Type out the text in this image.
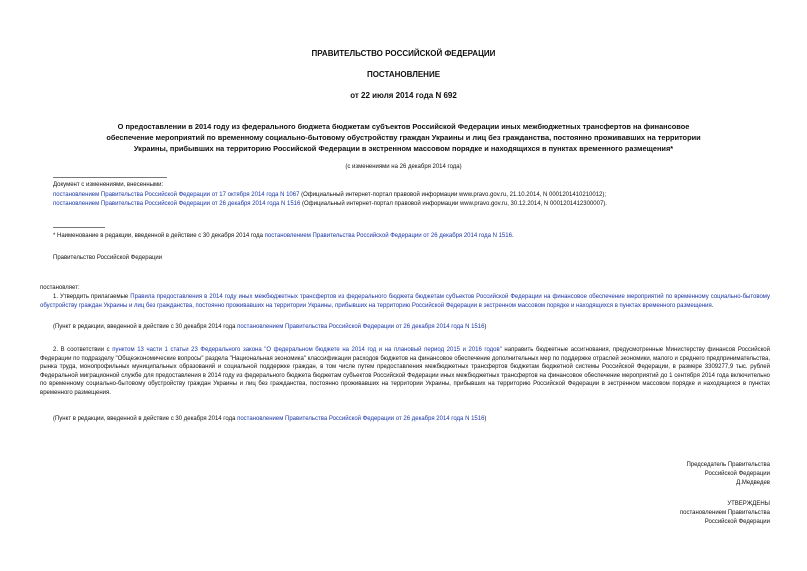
ПРАВИТЕЛЬСТВО РОССИЙСКОЙ ФЕДЕРАЦИИ
ПОСТАНОВЛЕНИЕ
от 22 июля 2014 года N 692
О предоставлении в 2014 году из федерального бюджета бюджетам субъектов Российской Федерации иных межбюджетных трансфертов на финансовое
обеспечение мероприятий по временному социально-бытовому обустройству граждан Украины и лиц без гражданства, постоянно проживавших на территории
Украины, прибывших на территорию Российской Федерации в экстренном массовом порядке и находящихся в пунктах временного размещения*
(с изменениями на 26 декабря 2014 года)
Документ с изменениями, внесенными:
постановлением Правительства Российской Федерации от 17 октября 2014 года N 1067 (Официальный интернет-портал правовой информации www.pravo.gov.ru, 21.10.2014, N 0001201410210012);
постановлением Правительства Российской Федерации от 26 декабря 2014 года N 1516 (Официальный интернет-портал правовой информации www.pravo.gov.ru, 30.12.2014, N 0001201412300007).
* Наименование в редакции, введенной в действие с 30 декабря 2014 года постановлением Правительства Российской Федерации от 26 декабря 2014 года N 1516.
Правительство Российской Федерации
постановляет:
1. Утвердить прилагаемые Правила предоставления в 2014 году иных межбюджетных трансфертов из федерального бюджета бюджетам субъектов Российской Федерации на финансовое обеспечение мероприятий по временному социально-бытовому обустройству граждан Украины и лиц без гражданства, постоянно проживавших на территории Украины, прибывших на территорию Российской Федерации в экстренном массовом порядке и находящихся в пунктах временного размещения.
(Пункт в редакции, введенной в действие с 30 декабря 2014 года постановлением Правительства Российской Федерации от 26 декабря 2014 года N 1516)
2. В соответствии с пунктом 13 части 1 статьи 23 Федерального закона "О федеральном бюджете на 2014 год и на плановый период 2015 и 2016 годов" направить бюджетные ассигнования, предусмотренные Министерству финансов Российской Федерации по подразделу "Общеэкономические вопросы" раздела "Национальная экономика" классификации расходов бюджетов на финансовое обеспечение дополнительных мер по поддержке отраслей экономики, малого и среднего предпринимательства, рынка труда, монопрофильных муниципальных образований и социальной поддержке граждан, в том числе путем предоставления межбюджетных трансфертов бюджетам бюджетной системы Российской Федерации, в размере 3309277,9 тыс. рублей Федеральной миграционной службе для предоставления в 2014 году из федерального бюджета бюджетам субъектов Российской Федерации иных межбюджетных трансфертов на финансовое обеспечение мероприятий до 1 сентября 2014 года включительно по временному социально-бытовому обустройству граждан Украины и лиц без гражданства, постоянно проживавших на территории Украины, прибывших на территорию Российской Федерации в экстренном массовом порядке и находящихся в пунктах временного размещения.
(Пункт в редакции, введенной в действие с 30 декабря 2014 года постановлением Правительства Российской Федерации от 26 декабря 2014 года N 1516)
Председатель Правительства
Российской Федерации
Д.Медведев
УТВЕРЖДЕНЫ
постановлением Правительства
Российской Федерации
